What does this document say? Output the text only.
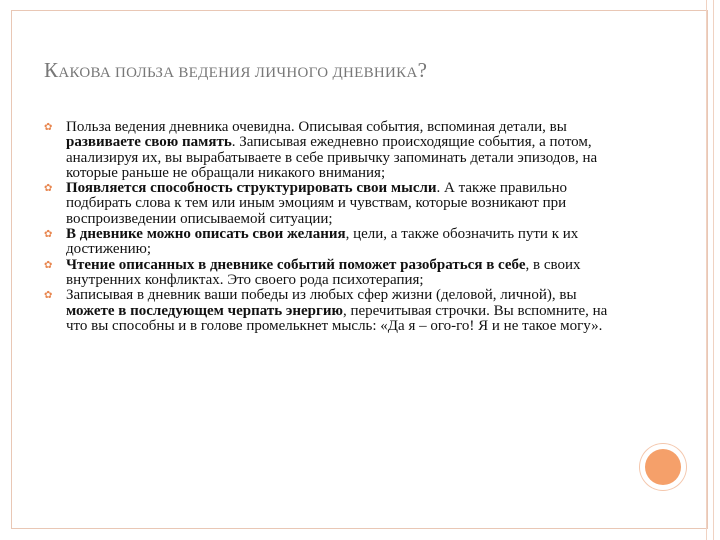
КАКОВА ПОЛЬЗА ВЕДЕНИЯ ЛИЧНОГО ДНЕВНИКА?
✿ Польза ведения дневника очевидна. Описывая события, вспоминая детали, вы развиваете свою память. Записывая ежедневно происходящие события, а потом, анализируя их, вы вырабатываете в себе привычку запоминать детали эпизодов, на которые раньше не обращали никакого внимания;
✿ Появляется способность структурировать свои мысли. А также правильно подбирать слова к тем или иным эмоциям и чувствам, которые возникают при воспроизведении описываемой ситуации;
✿ В дневнике можно описать свои желания, цели, а также обозначить пути к их достижению;
✿ Чтение описанных в дневнике событий поможет разобраться в себе, в своих внутренних конфликтах. Это своего рода психотерапия;
✿ Записывая в дневник ваши победы из любых сфер жизни (деловой, личной), вы можете в последующем черпать энергию, перечитывая строчки. Вы вспомните, на что вы способны и в голове промелькнет мысль: «Да я – ого-го! Я и не такое могу».
